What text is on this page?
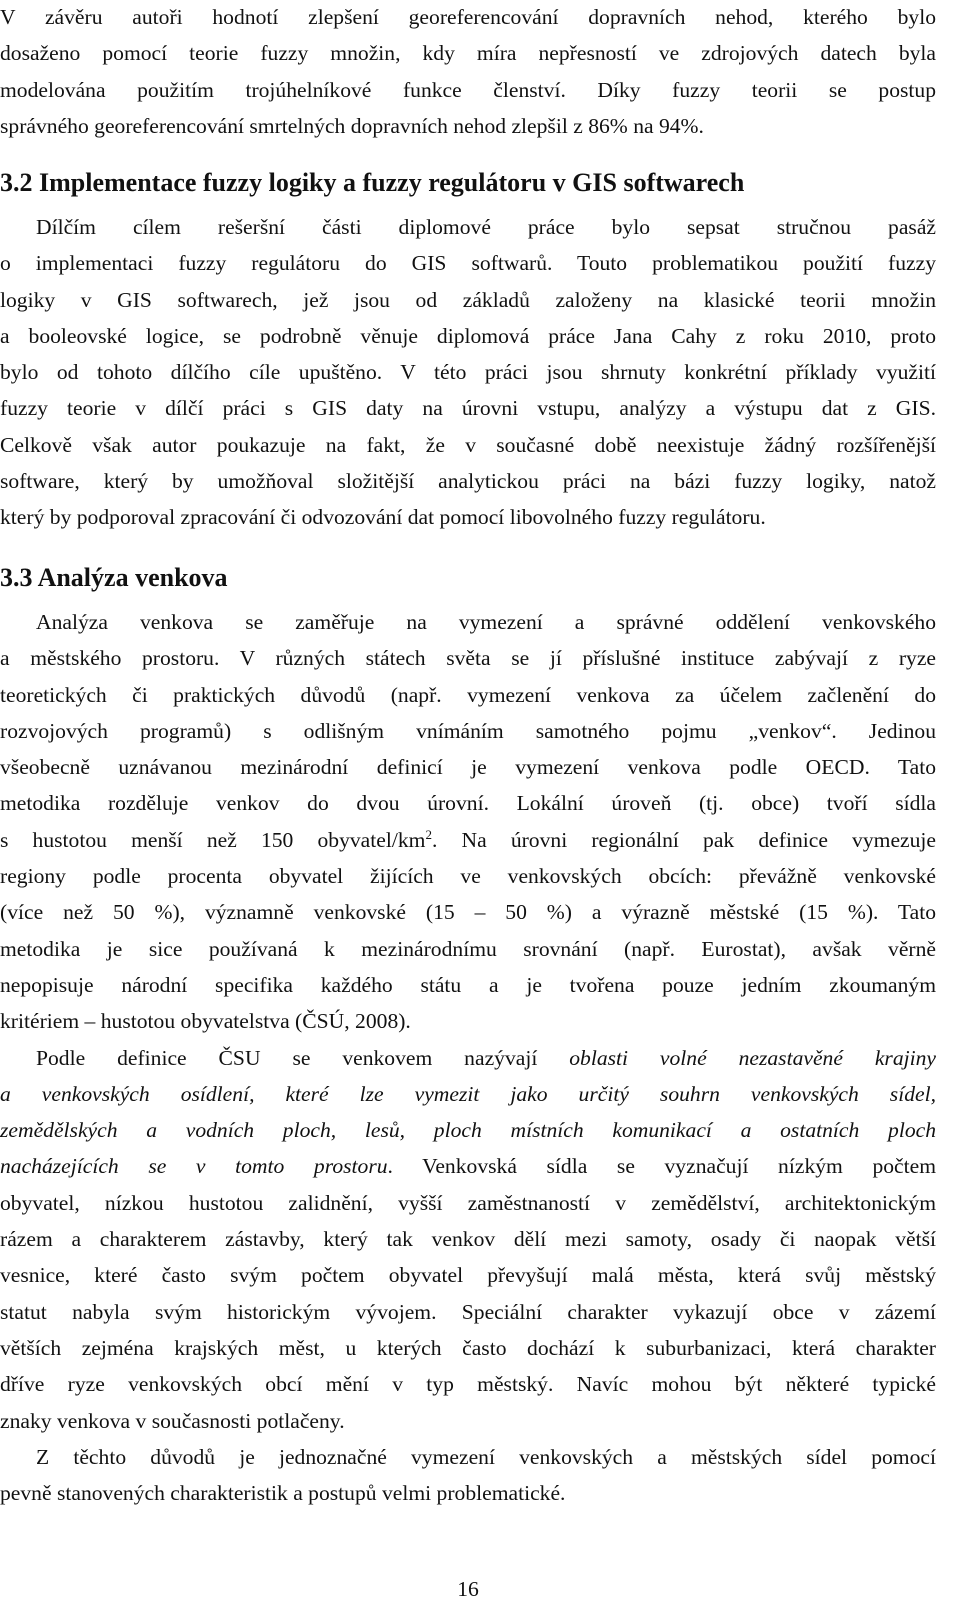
V závěru autoři hodnotí zlepšení georeferencování dopravních nehod, kterého bylo
dosaženo pomocí teorie fuzzy množin, kdy míra nepřesností ve zdrojových datech byla
modelována použitím trojúhelníkové funkce členství. Díky fuzzy teorii se postup
správného georeferencování smrtelných dopravních nehod zlepšil z 86% na 94%.
3.2 Implementace fuzzy logiky a fuzzy regulátoru v GIS softwarech
Dílčím cílem rešeršní části diplomové práce bylo sepsat stručnou pasáž
o implementaci fuzzy regulátoru do GIS softwarů. Touto problematikou použití fuzzy
logiky v GIS softwarech, jež jsou od základů založeny na klasické teorii množin
a booleovské logice, se podrobně věnuje diplomová práce Jana Cahy z roku 2010, proto
bylo od tohoto dílčího cíle upuštěno. V této práci jsou shrnuty konkrétní příklady využití
fuzzy teorie v dílčí práci s GIS daty na úrovni vstupu, analýzy a výstupu dat z GIS.
Celkově však autor poukazuje na fakt, že v současné době neexistuje žádný rozšířenější
software, který by umožňoval složitější analytickou práci na bázi fuzzy logiky, natož
který by podporoval zpracování či odvozování dat pomocí libovolného fuzzy regulátoru.
3.3 Analýza venkova
Analýza venkova se zaměřuje na vymezení a správné oddělení venkovského
a městského prostoru. V různých státech světa se jí příslušné instituce zabývají z ryze
teoretických či praktických důvodů (např. vymezení venkova za účelem začlenění do
rozvojových programů) s odlišným vnímáním samotného pojmu „venkov“. Jedinou
všeobecně uznávanou mezinárodní definicí je vymezení venkova podle OECD. Tato
metodika rozděluje venkov do dvou úrovní. Lokální úroveň (tj. obce) tvoří sídla
s hustotou menší než 150 obyvatel/$km^2$. Na úrovni regionální pak definice vymezuje
regiony podle procenta obyvatel žijících ve venkovských obcích: převážně venkovské
(více než 50 %), významně venkovské (15 – 50 %) a výrazně městské (15 %). Tato
metodika je sice používaná k mezinárodnímu srovnání (např. Eurostat), avšak věrně
nepopisuje národní specifika každého státu a je tvořena pouze jedním zkoumaným
kritériem – hustotou obyvatelstva (ČSÚ, 2008).
Podle definice ČSU se venkovem nazývají oblasti volné nezastavěné krajiny
a venkovských osídlení, které lze vymezit jako určitý souhrn venkovských sídel,
zemědělských a vodních ploch, lesů, ploch místních komunikací a ostatních ploch
nacházejících se v tomto prostoru. Venkovská sídla se vyznačují nízkým počtem
obyvatel, nízkou hustotou zalidnění, vyšší zaměstnaností v zemědělství, architektonickým
rázem a charakterem zástavby, který tak venkov dělí mezi samoty, osady či naopak větší
vesnice, které často svým počtem obyvatel převyšují malá města, která svůj městský
statut nabyla svým historickým vývojem. Speciální charakter vykazují obce v zázemí
větších zejména krajských měst, u kterých často dochází k suburbanizaci, která charakter
dříve ryze venkovských obcí mění v typ městský. Navíc mohou být některé typické
znaky venkova v současnosti potlačeny.
Z těchto důvodů je jednoznačné vymezení venkovských a městských sídel pomocí
pevně stanovených charakteristik a postupů velmi problematické.
16
